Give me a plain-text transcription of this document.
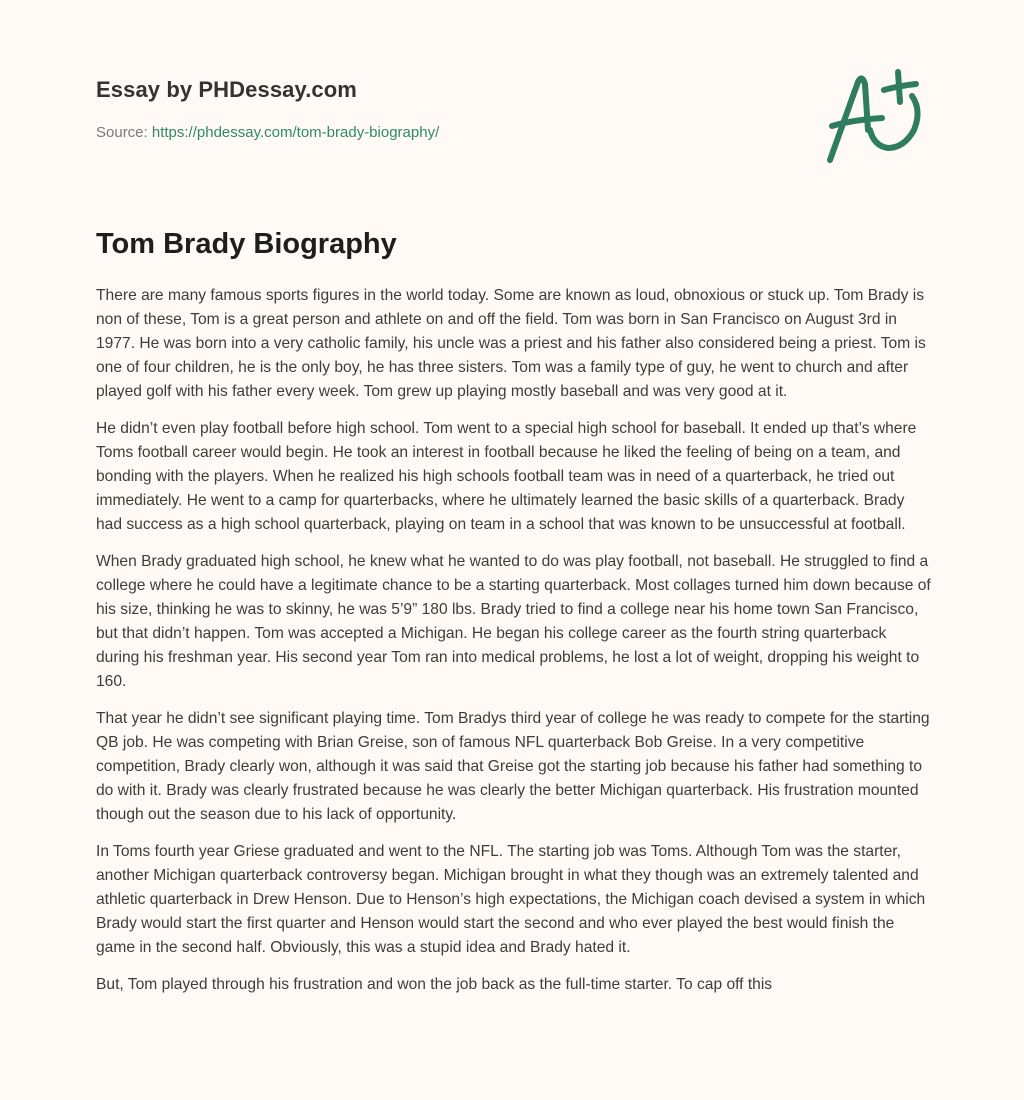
Essay by PHDessay.com
Source: https://phdessay.com/tom-brady-biography/
Tom Brady Biography

There are many famous sports figures in the world today. Some are known as loud, obnoxious or stuck up. Tom Brady is non of these, Tom is a great person and athlete on and off the field. Tom was born in San Francisco on August 3rd in 1977. He was born into a very catholic family, his uncle was a priest and his father also considered being a priest. Tom is one of four children, he is the only boy, he has three sisters. Tom was a family type of guy, he went to church and after played golf with his father every week. Tom grew up playing mostly baseball and was very good at it.

He didn’t even play football before high school. Tom went to a special high school for baseball. It ended up that’s where Toms football career would begin. He took an interest in football because he liked the feeling of being on a team, and bonding with the players. When he realized his high schools football team was in need of a quarterback, he tried out immediately. He went to a camp for quarterbacks, where he ultimately learned the basic skills of a quarterback. Brady had success as a high school quarterback, playing on team in a school that was known to be unsuccessful at football.

When Brady graduated high school, he knew what he wanted to do was play football, not baseball. He struggled to find a college where he could have a legitimate chance to be a starting quarterback. Most collages turned him down because of his size, thinking he was to skinny, he was 5’9” 180 lbs. Brady tried to find a college near his home town San Francisco, but that didn’t happen. Tom was accepted a Michigan. He began his college career as the fourth string quarterback during his freshman year. His second year Tom ran into medical problems, he lost a lot of weight, dropping his weight to 160.

That year he didn’t see significant playing time. Tom Bradys third year of college he was ready to compete for the starting QB job. He was competing with Brian Greise, son of famous NFL quarterback Bob Greise. In a very competitive competition, Brady clearly won, although it was said that Greise got the starting job because his father had something to do with it. Brady was clearly frustrated because he was clearly the better Michigan quarterback. His frustration mounted though out the season due to his lack of opportunity.

In Toms fourth year Griese graduated and went to the NFL. The starting job was Toms. Although Tom was the starter, another Michigan quarterback controversy began. Michigan brought in what they though was an extremely talented and athletic quarterback in Drew Henson. Due to Henson’s high expectations, the Michigan coach devised a system in which Brady would start the first quarter and Henson would start the second and who ever played the best would finish the game in the second half. Obviously, this was a stupid idea and Brady hated it.

But, Tom played through his frustration and won the job back as the full-time starter. To cap off this
